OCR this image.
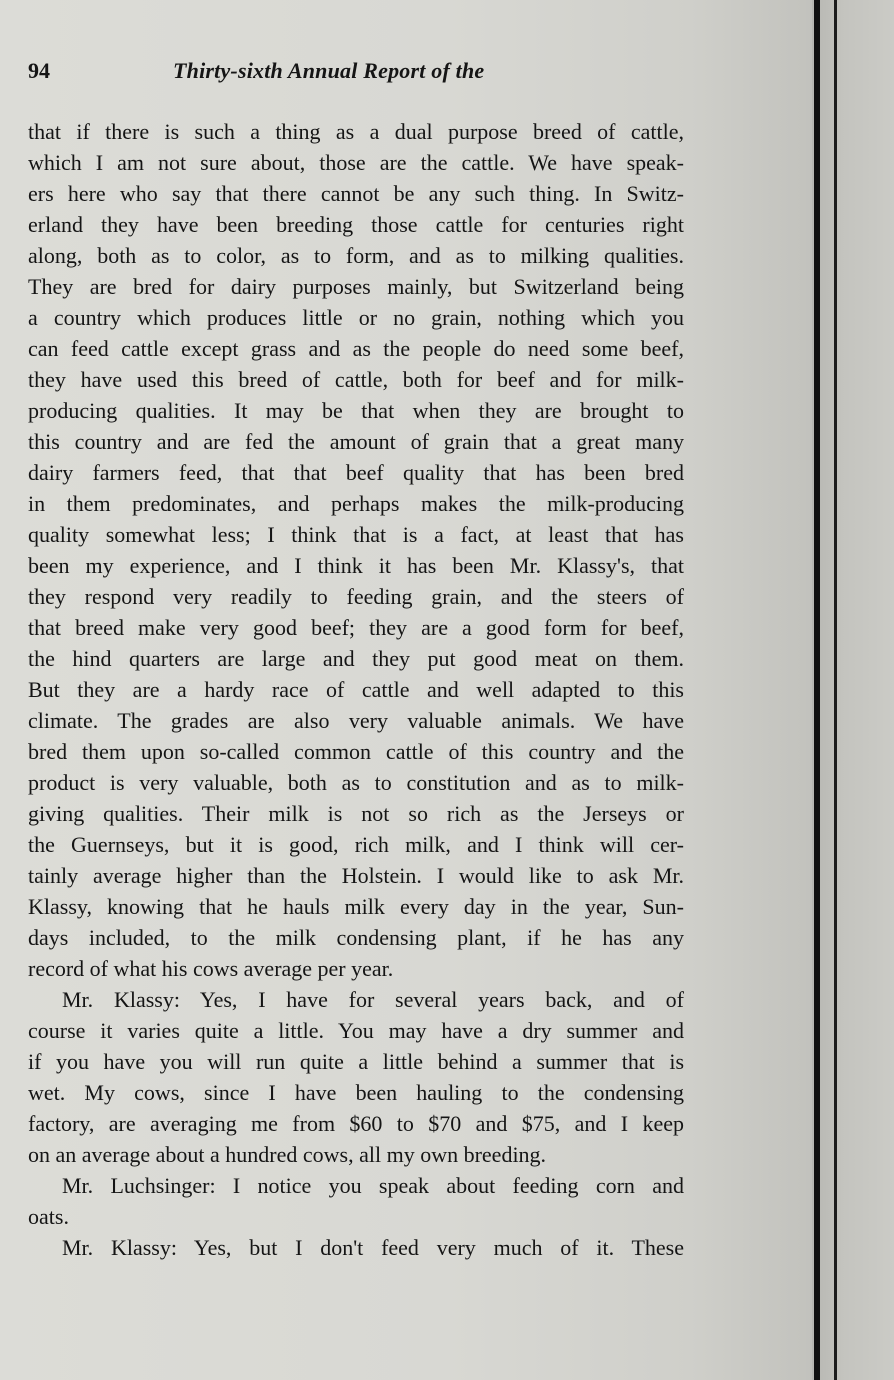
94	Thirty-sixth Annual Report of the
that if there is such a thing as a dual purpose breed of cattle,
which I am not sure about, those are the cattle. We have speak-
ers here who say that there cannot be any such thing. In Switz-
erland they have been breeding those cattle for centuries right
along, both as to color, as to form, and as to milking qualities.
They are bred for dairy purposes mainly, but Switzerland being
a country which produces little or no grain, nothing which you
can feed cattle except grass and as the people do need some beef,
they have used this breed of cattle, both for beef and for milk-
producing qualities. It may be that when they are brought to
this country and are fed the amount of grain that a great many
dairy farmers feed, that that beef quality that has been bred
in them predominates, and perhaps makes the milk-producing
quality somewhat less; I think that is a fact, at least that has
been my experience, and I think it has been Mr. Klassy's, that
they respond very readily to feeding grain, and the steers of
that breed make very good beef; they are a good form for beef,
the hind quarters are large and they put good meat on them.
But they are a hardy race of cattle and well adapted to this
climate. The grades are also very valuable animals. We have
bred them upon so-called common cattle of this country and the
product is very valuable, both as to constitution and as to milk-
giving qualities. Their milk is not so rich as the Jerseys or
the Guernseys, but it is good, rich milk, and I think will cer-
tainly average higher than the Holstein. I would like to ask Mr.
Klassy, knowing that he hauls milk every day in the year, Sun-
days included, to the milk condensing plant, if he has any
record of what his cows average per year.
Mr. Klassy: Yes, I have for several years back, and of
course it varies quite a little. You may have a dry summer and
if you have you will run quite a little behind a summer that is
wet. My cows, since I have been hauling to the condensing
factory, are averaging me from $60 to $70 and $75, and I keep
on an average about a hundred cows, all my own breeding.
Mr. Luchsinger: I notice you speak about feeding corn and
oats.
Mr. Klassy: Yes, but I don't feed very much of it. These
